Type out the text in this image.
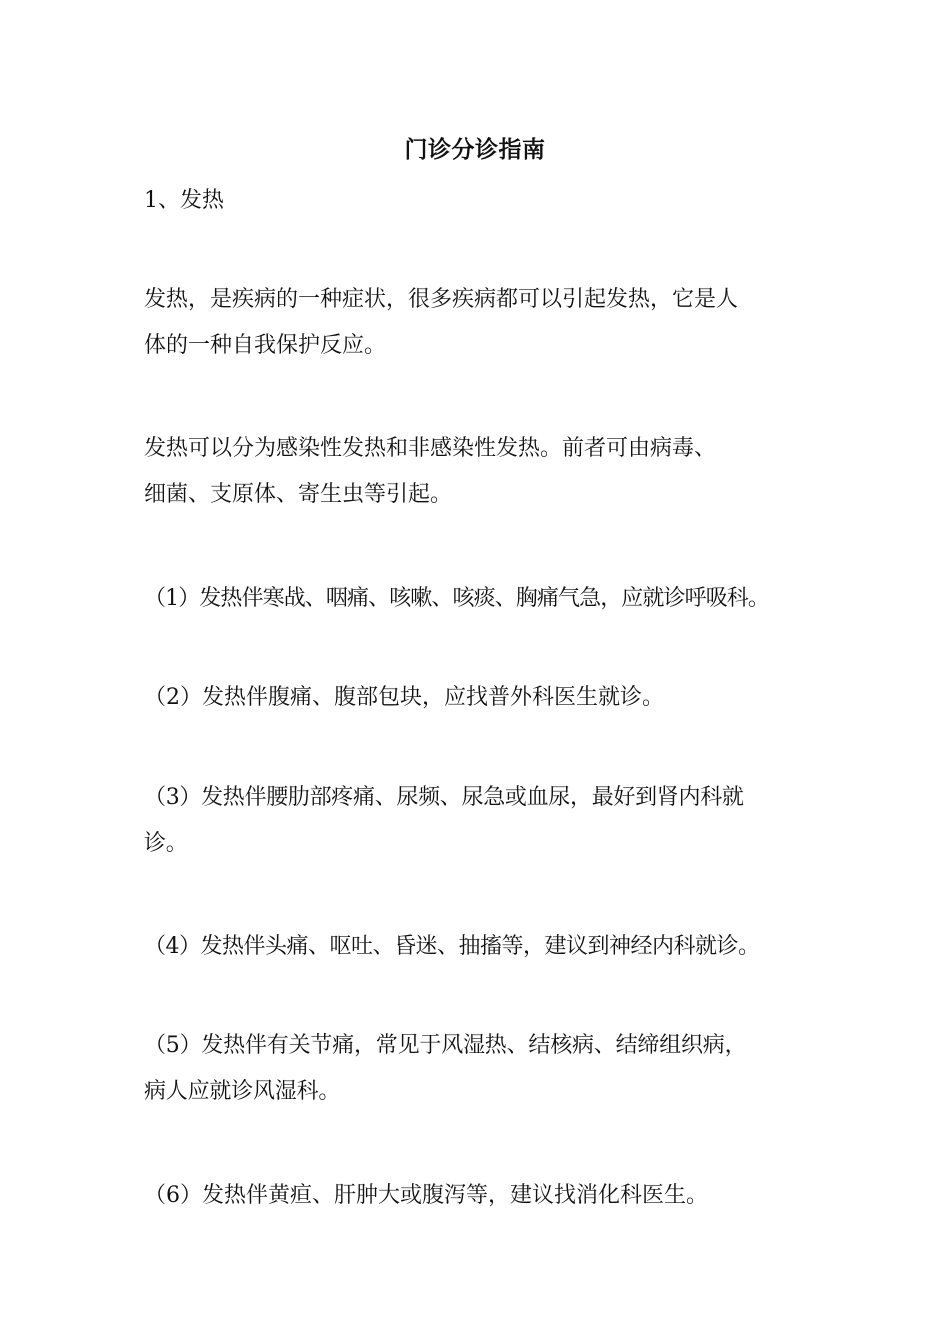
门诊分诊指南

1、发热

发热，是疾病的一种症状，很多疾病都可以引起发热，它是人
体的一种自我保护反应。

发热可以分为感染性发热和非感染性发热。前者可由病毒、
细菌、支原体、寄生虫等引起。

（1）发热伴寒战、咽痛、咳嗽、咳痰、胸痛气急，应就诊呼吸科。

（2）发热伴腹痛、腹部包块，应找普外科医生就诊。

（3）发热伴腰肋部疼痛、尿频、尿急或血尿，最好到肾内科就
诊。

（4）发热伴头痛、呕吐、昏迷、抽搐等，建议到神经内科就诊。

（5）发热伴有关节痛，常见于风湿热、结核病、结缔组织病，
病人应就诊风湿科。

（6）发热伴黄疸、肝肿大或腹泻等，建议找消化科医生。
